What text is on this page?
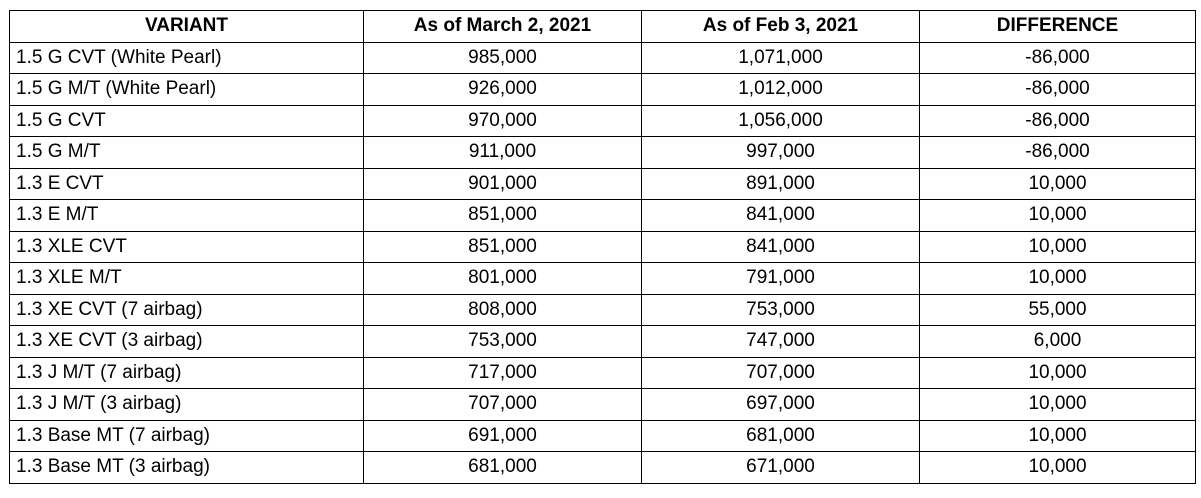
VARIANT	As of March 2, 2021	As of Feb 3, 2021	DIFFERENCE
1.5 G CVT (White Pearl)	985,000	1,071,000	-86,000
1.5 G M/T (White Pearl)	926,000	1,012,000	-86,000
1.5 G CVT	970,000	1,056,000	-86,000
1.5 G M/T	911,000	997,000	-86,000
1.3 E CVT	901,000	891,000	10,000
1.3 E M/T	851,000	841,000	10,000
1.3 XLE CVT	851,000	841,000	10,000
1.3 XLE M/T	801,000	791,000	10,000
1.3 XE CVT (7 airbag)	808,000	753,000	55,000
1.3 XE CVT (3 airbag)	753,000	747,000	6,000
1.3 J M/T (7 airbag)	717,000	707,000	10,000
1.3 J M/T (3 airbag)	707,000	697,000	10,000
1.3 Base MT (7 airbag)	691,000	681,000	10,000
1.3 Base MT (3 airbag)	681,000	671,000	10,000
